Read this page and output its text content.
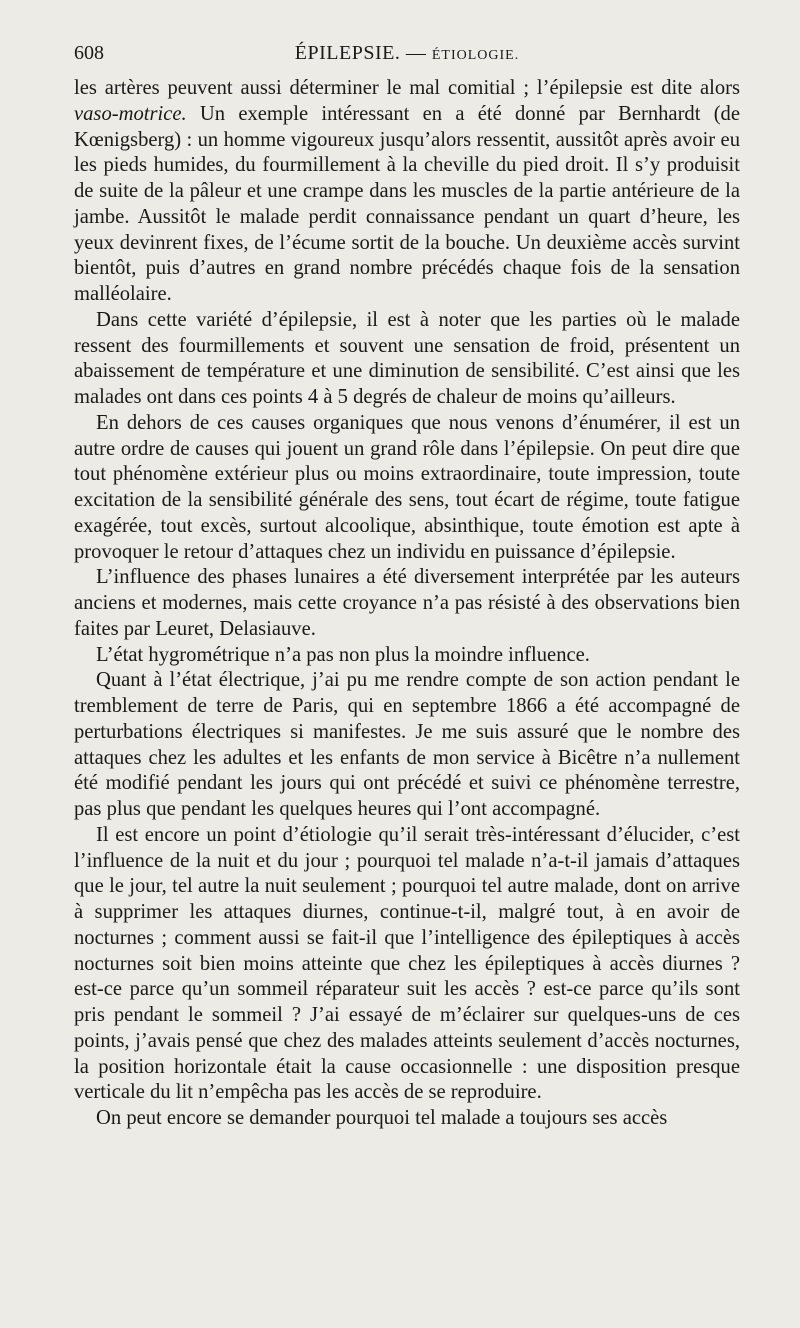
608	ÉPILEPSIE. — ÉTIOLOGIE.

les artères peuvent aussi déterminer le mal comitial ; l’épilepsie est dite alors vaso-motrice. Un exemple intéressant en a été donné par Bernhardt (de Kœnigsberg) : un homme vigoureux jusqu’alors ressentit, aussitôt après avoir eu les pieds humides, du fourmillement à la cheville du pied droit. Il s’y produisit de suite de la pâleur et une crampe dans les muscles de la partie antérieure de la jambe. Aussitôt le malade perdit connaissance pendant un quart d’heure, les yeux devinrent fixes, de l’écume sortit de la bouche. Un deuxième accès survint bientôt, puis d’autres en grand nombre précédés chaque fois de la sensation malléolaire.

Dans cette variété d’épilepsie, il est à noter que les parties où le malade ressent des fourmillements et souvent une sensation de froid, présentent un abaissement de température et une diminution de sensibilité. C’est ainsi que les malades ont dans ces points 4 à 5 degrés de chaleur de moins qu’ailleurs.

En dehors de ces causes organiques que nous venons d’énumérer, il est un autre ordre de causes qui jouent un grand rôle dans l’épilepsie. On peut dire que tout phénomène extérieur plus ou moins extraordinaire, toute impression, toute excitation de la sensibilité générale des sens, tout écart de régime, toute fatigue exagérée, tout excès, surtout alcoolique, absinthique, toute émotion est apte à provoquer le retour d’attaques chez un individu en puissance d’épilepsie.

L’influence des phases lunaires a été diversement interprétée par les auteurs anciens et modernes, mais cette croyance n’a pas résisté à des observations bien faites par Leuret, Delasiauve.

L’état hygrométrique n’a pas non plus la moindre influence.

Quant à l’état électrique, j’ai pu me rendre compte de son action pendant le tremblement de terre de Paris, qui en septembre 1866 a été accompagné de perturbations électriques si manifestes. Je me suis assuré que le nombre des attaques chez les adultes et les enfants de mon service à Bicêtre n’a nullement été modifié pendant les jours qui ont précédé et suivi ce phénomène terrestre, pas plus que pendant les quelques heures qui l’ont accompagné.

Il est encore un point d’étiologie qu’il serait très-intéressant d’élucider, c’est l’influence de la nuit et du jour ; pourquoi tel malade n’a-t-il jamais d’attaques que le jour, tel autre la nuit seulement ; pourquoi tel autre malade, dont on arrive à supprimer les attaques diurnes, continue-t-il, malgré tout, à en avoir de nocturnes ; comment aussi se fait-il que l’intelligence des épileptiques à accès nocturnes soit bien moins atteinte que chez les épileptiques à accès diurnes ? est-ce parce qu’un sommeil réparateur suit les accès ? est-ce parce qu’ils sont pris pendant le sommeil ? J’ai essayé de m’éclairer sur quelques-uns de ces points, j’avais pensé que chez des malades atteints seulement d’accès nocturnes, la position horizontale était la cause occasionnelle : une disposition presque verticale du lit n’empêcha pas les accès de se reproduire.

On peut encore se demander pourquoi tel malade a toujours ses accès
